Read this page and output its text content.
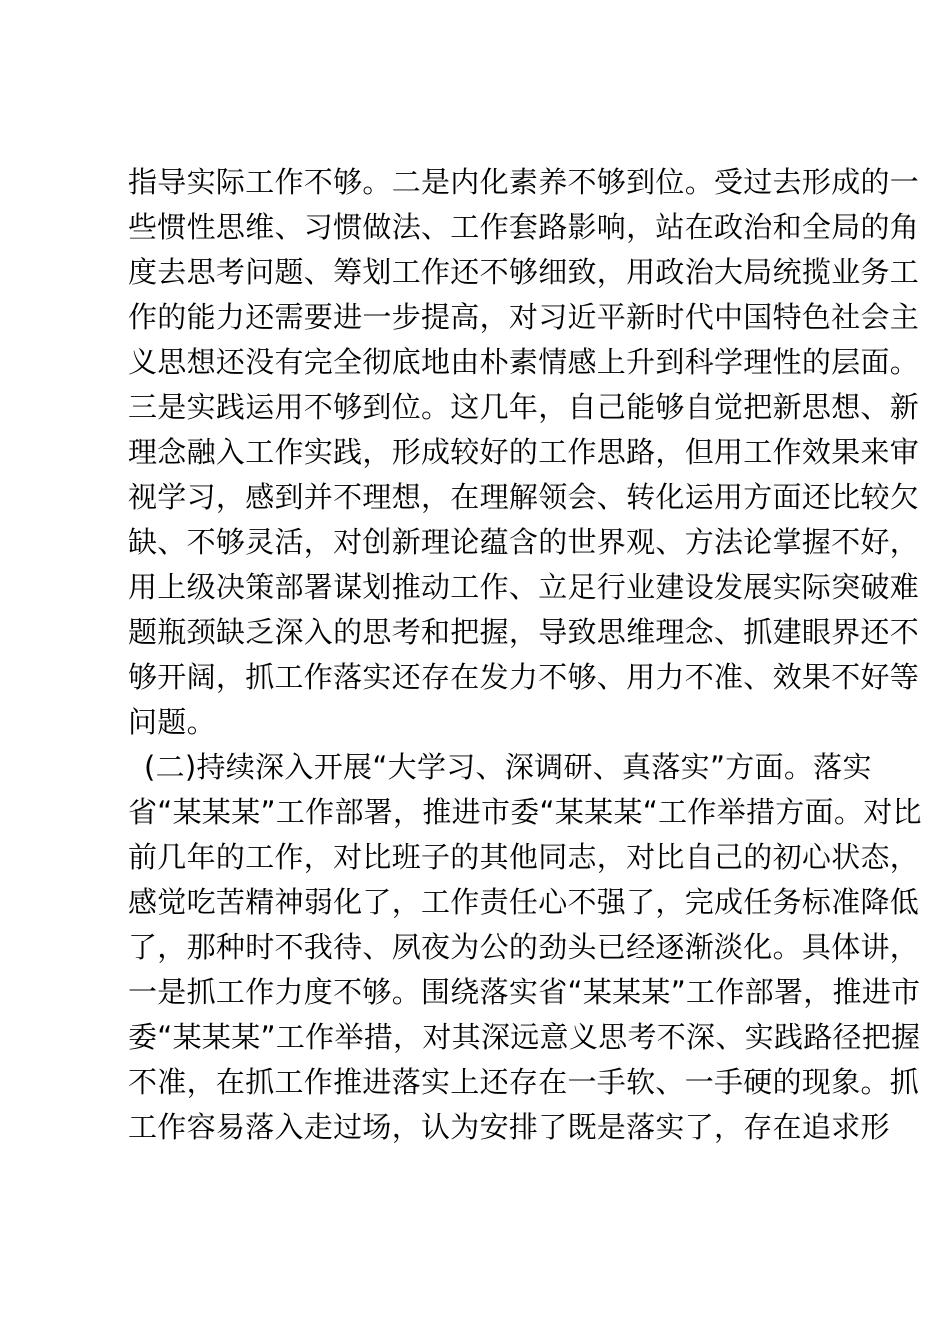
指导实际工作不够。二是内化素养不够到位。受过去形成的一
些惯性思维、习惯做法、工作套路影响，站在政治和全局的角
度去思考问题、筹划工作还不够细致，用政治大局统揽业务工
作的能力还需要进一步提高，对习近平新时代中国特色社会主
义思想还没有完全彻底地由朴素情感上升到科学理性的层面。
三是实践运用不够到位。这几年，自己能够自觉把新思想、新
理念融入工作实践，形成较好的工作思路，但用工作效果来审
视学习，感到并不理想，在理解领会、转化运用方面还比较欠
缺、不够灵活，对创新理论蕴含的世界观、方法论掌握不好，
用上级决策部署谋划推动工作、立足行业建设发展实际突破难
题瓶颈缺乏深入的思考和把握，导致思维理念、抓建眼界还不
够开阔，抓工作落实还存在发力不够、用力不准、效果不好等
问题。
(二)持续深入开展“大学习、深调研、真落实”方面。落实
省“某某某”工作部署，推进市委“某某某“工作举措方面。对比
前几年的工作，对比班子的其他同志，对比自己的初心状态，
感觉吃苦精神弱化了，工作责任心不强了，完成任务标准降低
了，那种时不我待、夙夜为公的劲头已经逐渐淡化。具体讲，
一是抓工作力度不够。围绕落实省“某某某”工作部署，推进市
委“某某某”工作举措，对其深远意义思考不深、实践路径把握
不准，在抓工作推进落实上还存在一手软、一手硬的现象。抓
工作容易落入走过场，认为安排了既是落实了，存在追求形
